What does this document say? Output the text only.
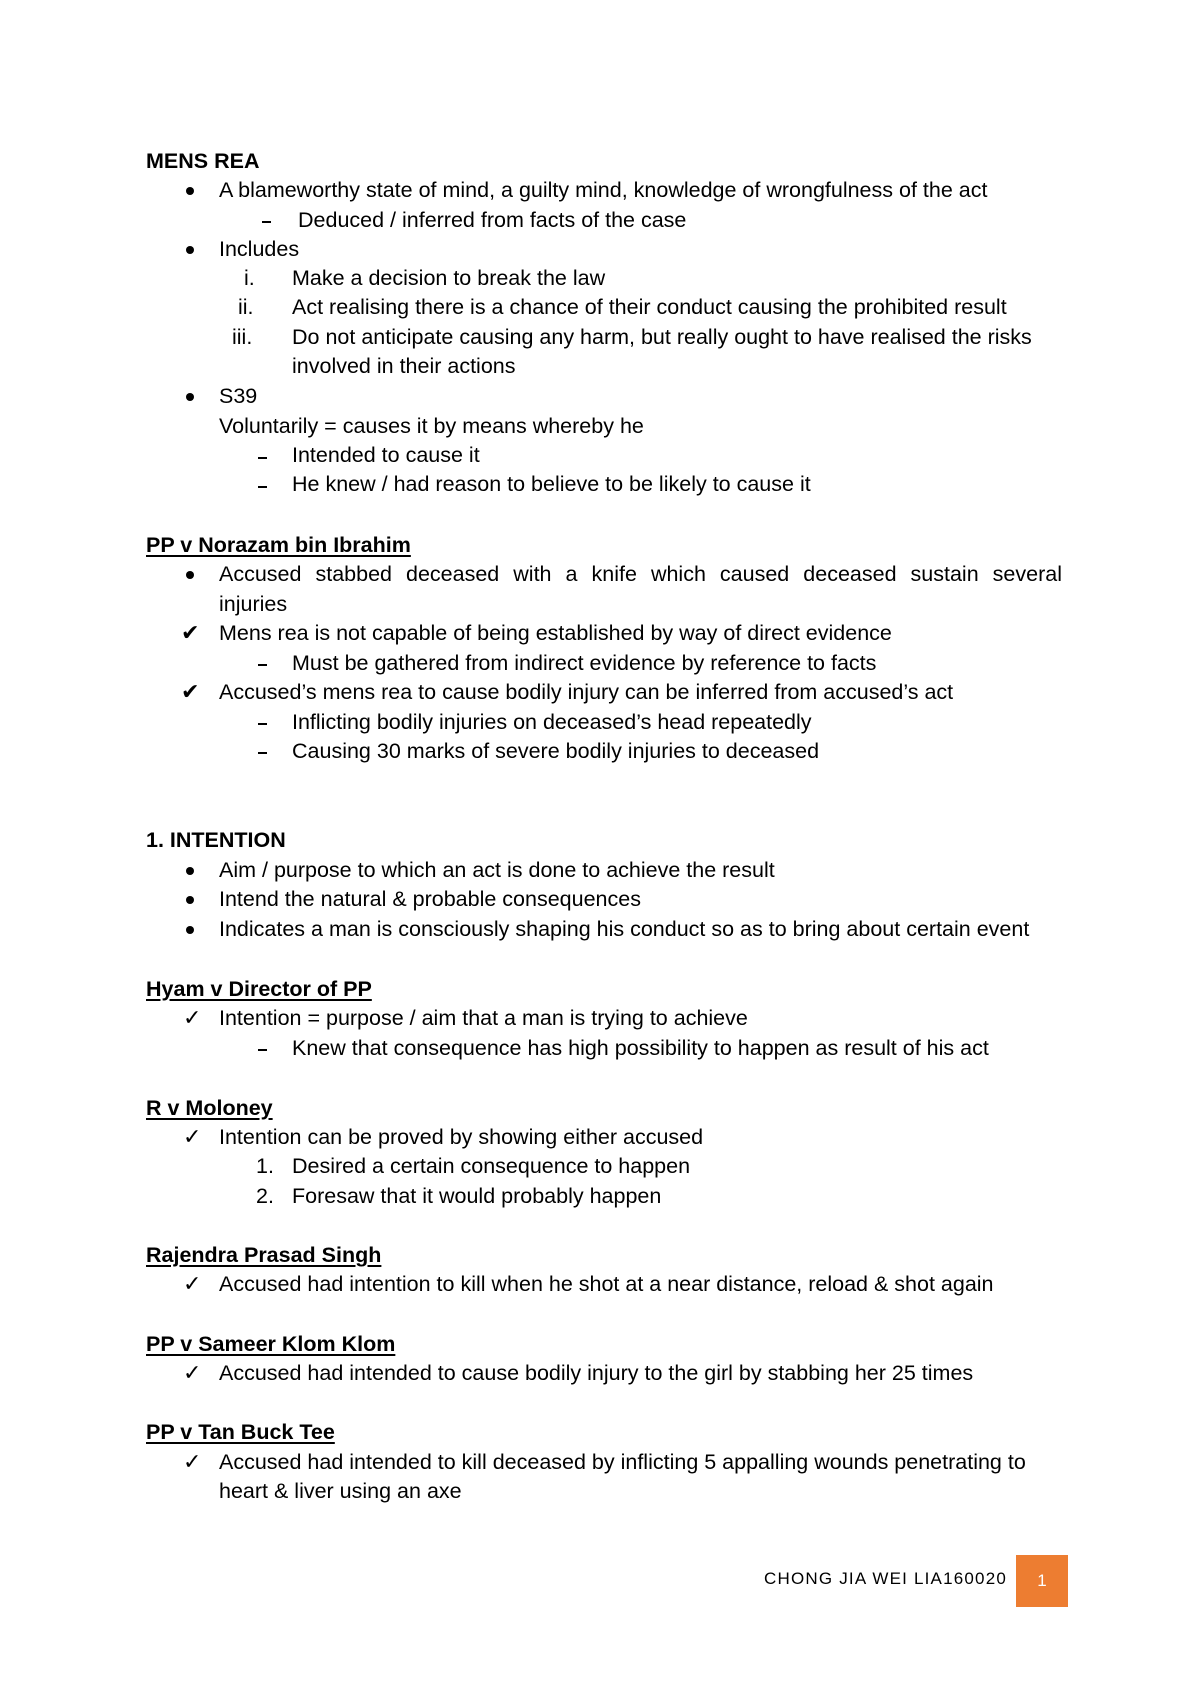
MENS REA
A blameworthy state of mind, a guilty mind, knowledge of wrongfulness of the act
Deduced / inferred from facts of the case
Includes
i. Make a decision to break the law
ii. Act realising there is a chance of their conduct causing the prohibited result
iii. Do not anticipate causing any harm, but really ought to have realised the risks
involved in their actions
S39
Voluntarily = causes it by means whereby he
Intended to cause it
He knew / had reason to believe to be likely to cause it
PP v Norazam bin Ibrahim
Accused stabbed deceased with a knife which caused deceased sustain several
injuries
✔ Mens rea is not capable of being established by way of direct evidence
Must be gathered from indirect evidence by reference to facts
✔ Accused’s mens rea to cause bodily injury can be inferred from accused’s act
Inflicting bodily injuries on deceased’s head repeatedly
Causing 30 marks of severe bodily injuries to deceased
1. INTENTION
Aim / purpose to which an act is done to achieve the result
Intend the natural & probable consequences
Indicates a man is consciously shaping his conduct so as to bring about certain event
Hyam v Director of PP
✓ Intention = purpose / aim that a man is trying to achieve
Knew that consequence has high possibility to happen as result of his act
R v Moloney
✓ Intention can be proved by showing either accused
1. Desired a certain consequence to happen
2. Foresaw that it would probably happen
Rajendra Prasad Singh
✓ Accused had intention to kill when he shot at a near distance, reload & shot again
PP v Sameer Klom Klom
✓ Accused had intended to cause bodily injury to the girl by stabbing her 25 times
PP v Tan Buck Tee
✓ Accused had intended to kill deceased by inflicting 5 appalling wounds penetrating to
heart & liver using an axe
CHONG JIA WEI LIA160020 1
